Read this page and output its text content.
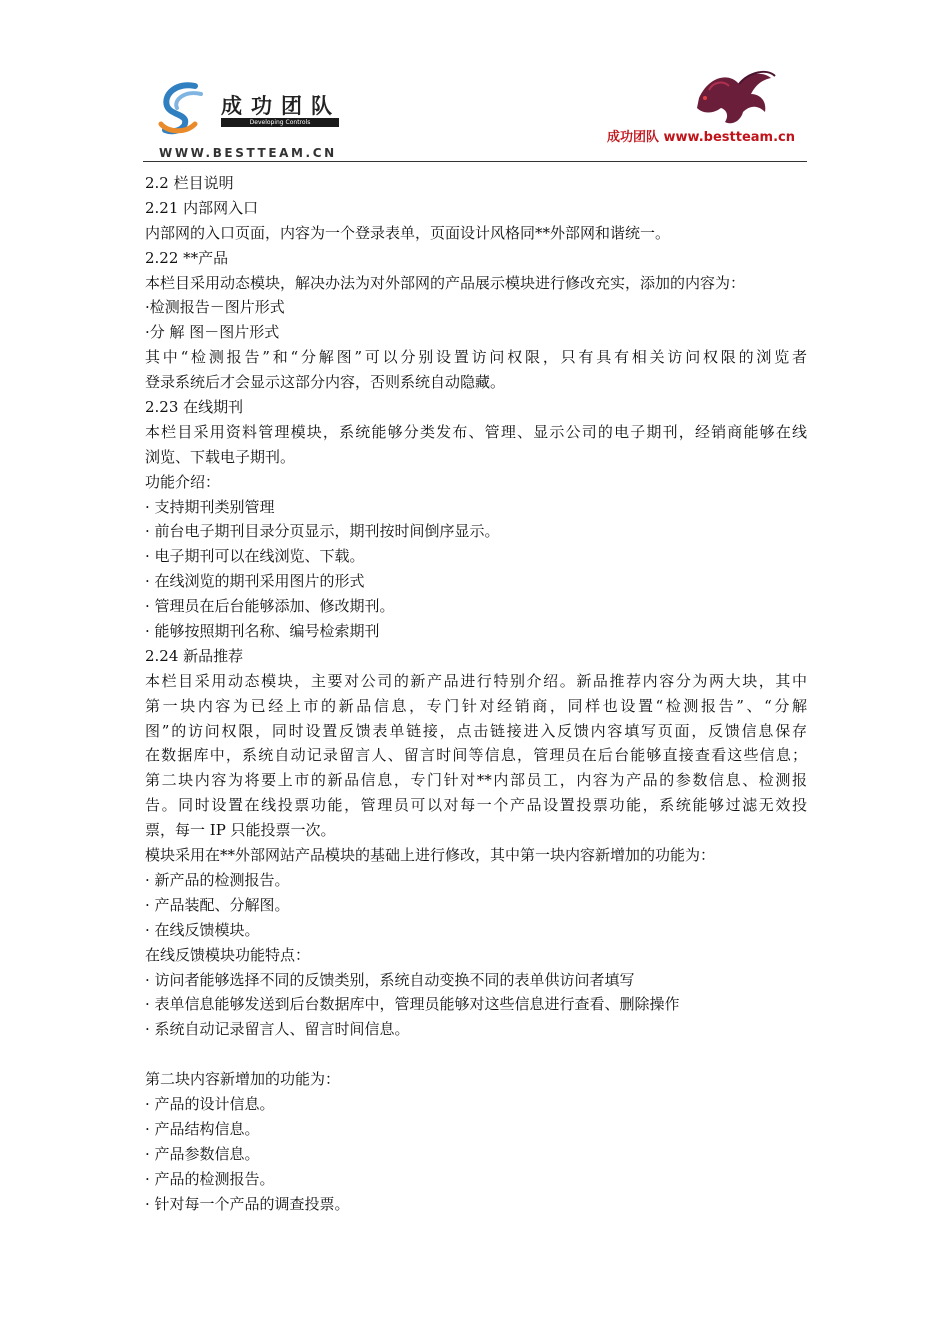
成功团队
Developing Controls
WWW.BESTTEAM.CN
成功团队 www.bestteam.cn
2.2 栏目说明
2.21 内部网入口
内部网的入口页面，内容为一个登录表单，页面设计风格同**外部网和谐统一。
2.22 **产品
本栏目采用动态模块，解决办法为对外部网的产品展示模块进行修改充实，添加的内容为：
·检测报告－图片形式
·分 解 图－图片形式
其中“检测报告”和“分解图”可以分别设置访问权限，只有具有相关访问权限的浏览者
登录系统后才会显示这部分内容，否则系统自动隐藏。
2.23 在线期刊
本栏目采用资料管理模块，系统能够分类发布、管理、显示公司的电子期刊，经销商能够在线
浏览、下载电子期刊。
功能介绍：
· 支持期刊类别管理
· 前台电子期刊目录分页显示，期刊按时间倒序显示。
· 电子期刊可以在线浏览、下载。
· 在线浏览的期刊采用图片的形式
· 管理员在后台能够添加、修改期刊。
· 能够按照期刊名称、编号检索期刊
2.24 新品推荐
本栏目采用动态模块，主要对公司的新产品进行特别介绍。新品推荐内容分为两大块，其中
第一块内容为已经上市的新品信息，专门针对经销商，同样也设置“检测报告”、“分解
图”的访问权限，同时设置反馈表单链接，点击链接进入反馈内容填写页面，反馈信息保存
在数据库中，系统自动记录留言人、留言时间等信息，管理员在后台能够直接查看这些信息；
第二块内容为将要上市的新品信息，专门针对**内部员工，内容为产品的参数信息、检测报
告。同时设置在线投票功能，管理员可以对每一个产品设置投票功能，系统能够过滤无效投
票，每一 IP 只能投票一次。
模块采用在**外部网站产品模块的基础上进行修改，其中第一块内容新增加的功能为：
· 新产品的检测报告。
· 产品装配、分解图。
· 在线反馈模块。
在线反馈模块功能特点：
· 访问者能够选择不同的反馈类别，系统自动变换不同的表单供访问者填写
· 表单信息能够发送到后台数据库中，管理员能够对这些信息进行查看、删除操作
· 系统自动记录留言人、留言时间信息。
第二块内容新增加的功能为：
· 产品的设计信息。
· 产品结构信息。
· 产品参数信息。
· 产品的检测报告。
· 针对每一个产品的调查投票。
